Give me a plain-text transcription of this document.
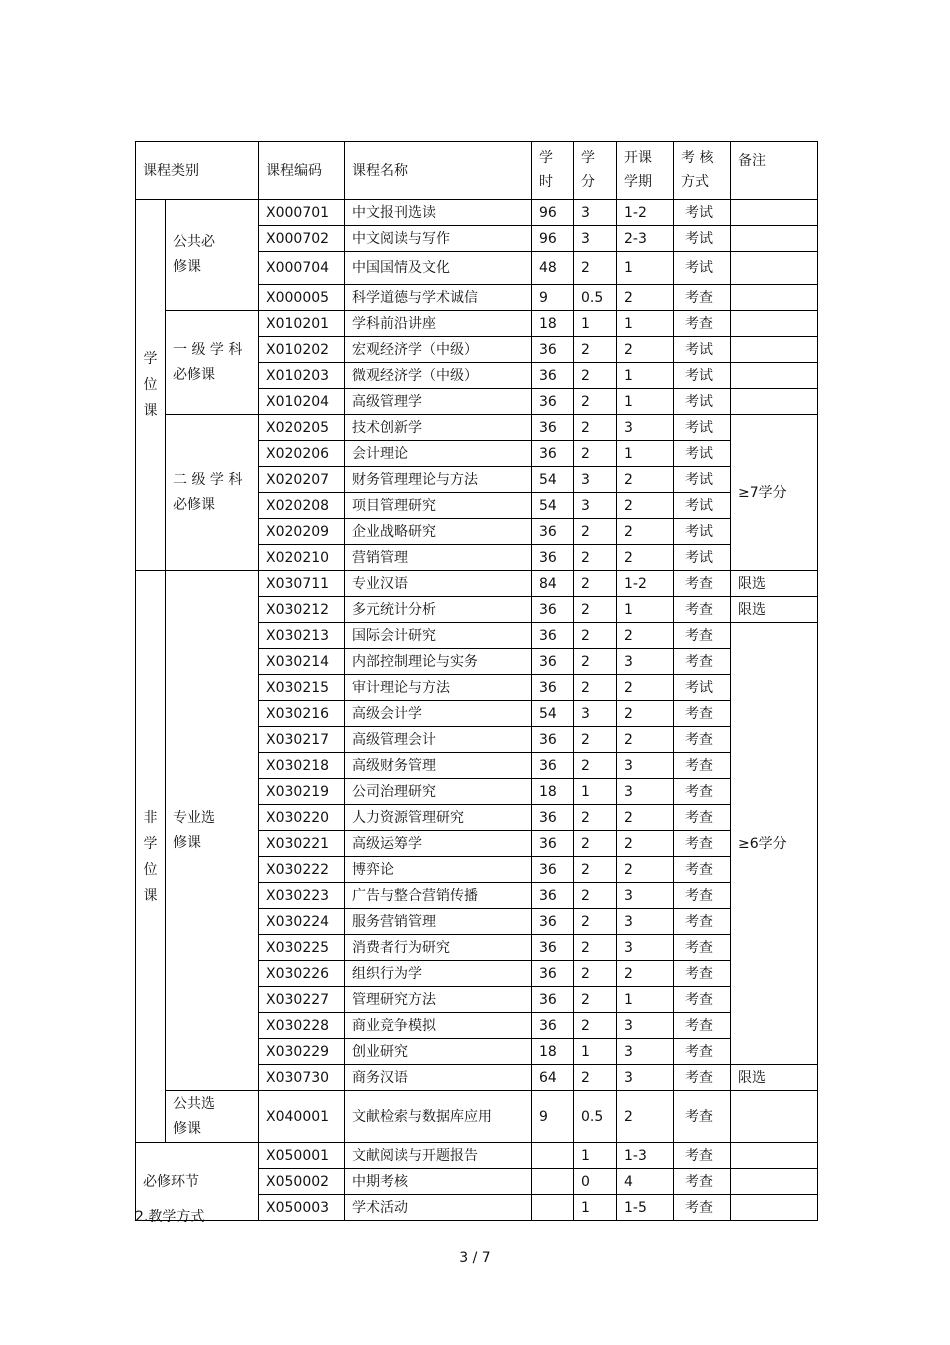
课程类别		课程编码	课程名称	学时	学分	开课学期	考 核方式	备注
学位课	公共必修课	X000701	中文报刊选读	96	3	1-2	考试	
		X000702	中文阅读与写作	96	3	2-3	考试	
		X000704	中国国情及文化	48	2	1	考试	
		X000005	科学道德与学术诚信	9	0.5	2	考查	
	一 级 学 科必修课	X010201	学科前沿讲座	18	1	1	考查	
		X010202	宏观经济学（中级）	36	2	2	考试	
		X010203	微观经济学（中级）	36	2	1	考试	
		X010204	高级管理学	36	2	1	考试	
	二 级 学 科必修课	X020205	技术创新学	36	2	3	考试	≥7学分
		X020206	会计理论	36	2	1	考试	
		X020207	财务管理理论与方法	54	3	2	考试	
		X020208	项目管理研究	54	3	2	考试	
		X020209	企业战略研究	36	2	2	考试	
		X020210	营销管理	36	2	2	考试	
非学位课	专业选修课	X030711	专业汉语	84	2	1-2	考查	限选
		X030212	多元统计分析	36	2	1	考查	限选
		X030213	国际会计研究	36	2	2	考查	≥6学分
		X030214	内部控制理论与实务	36	2	3	考查	
		X030215	审计理论与方法	36	2	2	考试	
		X030216	高级会计学	54	3	2	考查	
		X030217	高级管理会计	36	2	2	考查	
		X030218	高级财务管理	36	2	3	考查	
		X030219	公司治理研究	18	1	3	考查	
		X030220	人力资源管理研究	36	2	2	考查	
		X030221	高级运筹学	36	2	2	考查	
		X030222	博弈论	36	2	2	考查	
		X030223	广告与整合营销传播	36	2	3	考查	
		X030224	服务营销管理	36	2	3	考查	
		X030225	消费者行为研究	36	2	3	考查	
		X030226	组织行为学	36	2	2	考查	
		X030227	管理研究方法	36	2	1	考查	
		X030228	商业竞争模拟	36	2	3	考查	
		X030229	创业研究	18	1	3	考查	
		X030730	商务汉语	64	2	3	考查	限选
	公共选修课	X040001	文献检索与数据库应用	9	0.5	2	考查	
必修环节		X050001	文献阅读与开题报告		1	1-3	考查	
		X050002	中期考核		0	4	考查	
		X050003	学术活动		1	1-5	考查	
2.教学方式
3 / 7
